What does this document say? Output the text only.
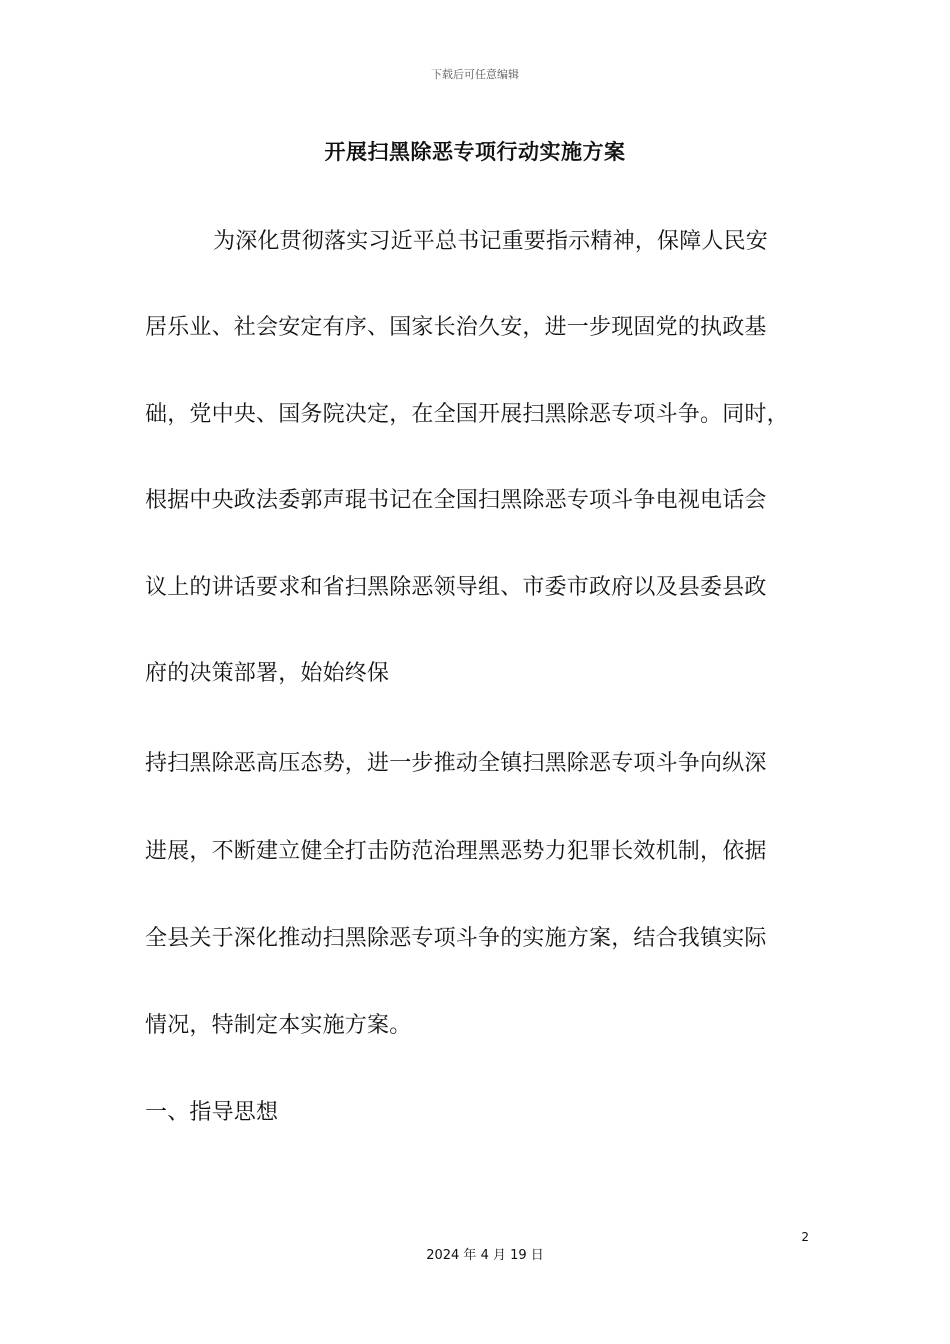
下载后可任意编辑
开展扫黑除恶专项行动实施方案
为深化贯彻落实习近平总书记重要指示精神，保障人民安
居乐业、社会安定有序、国家长治久安，进一步现固党的执政基
础，党中央、国务院决定，在全国开展扫黑除恶专项斗争。同时，
根据中央政法委郭声琨书记在全国扫黑除恶专项斗争电视电话会
议上的讲话要求和省扫黑除恶领导组、市委市政府以及县委县政
府的决策部署，始始终保
持扫黑除恶高压态势，进一步推动全镇扫黑除恶专项斗争向纵深
进展，不断建立健全打击防范治理黑恶势力犯罪长效机制，依据
全县关于深化推动扫黑除恶专项斗争的实施方案，结合我镇实际
情况，特制定本实施方案。
一、指导思想
2
2024 年 4 月 19 日
